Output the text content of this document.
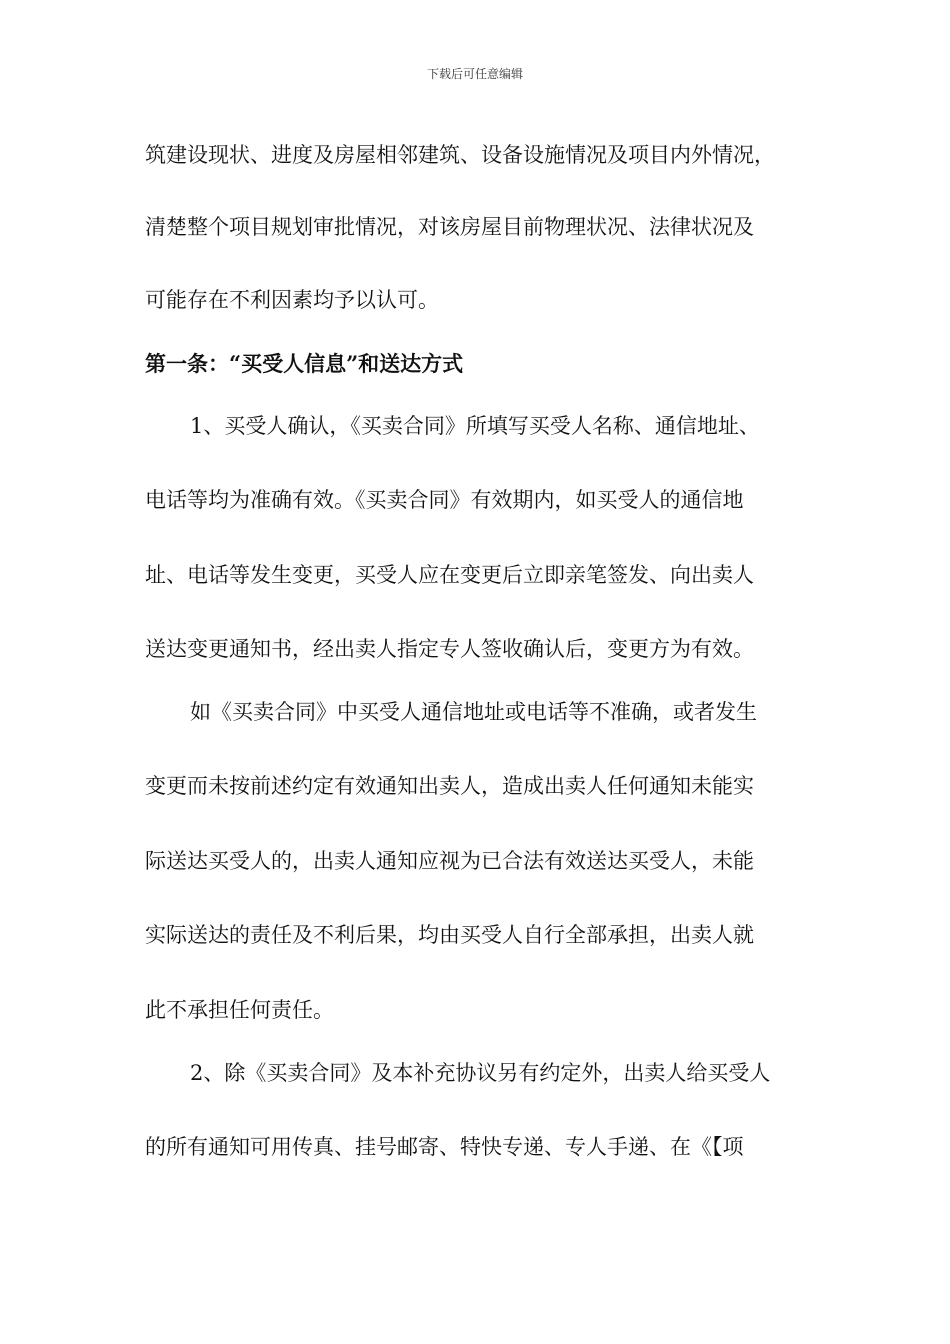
下载后可任意编辑
筑建设现状、进度及房屋相邻建筑、设备设施情况及项目内外情况，
清楚整个项目规划审批情况，对该房屋目前物理状况、法律状况及
可能存在不利因素均予以认可。
第一条：“买受人信息”和送达方式
1、买受人确认，《买卖合同》所填写买受人名称、通信地址、
电话等均为准确有效。《买卖合同》有效期内，如买受人的通信地
址、电话等发生变更，买受人应在变更后立即亲笔签发、向出卖人
送达变更通知书，经出卖人指定专人签收确认后，变更方为有效。
如《买卖合同》中买受人通信地址或电话等不准确，或者发生
变更而未按前述约定有效通知出卖人，造成出卖人任何通知未能实
际送达买受人的，出卖人通知应视为已合法有效送达买受人，未能
实际送达的责任及不利后果，均由买受人自行全部承担，出卖人就
此不承担任何责任。
2、除《买卖合同》及本补充协议另有约定外，出卖人给买受人
的所有通知可用传真、挂号邮寄、特快专递、专人手递、在《【项
